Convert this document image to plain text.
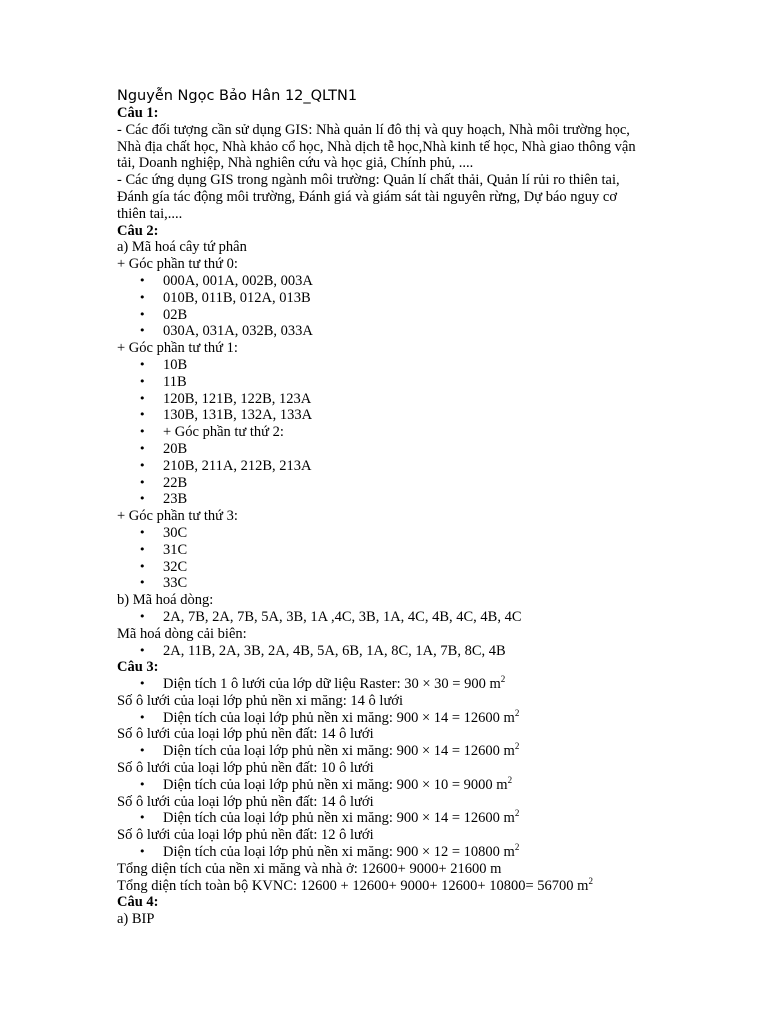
Nguyễn Ngọc Bảo Hân 12_QLTN1

Câu 1:

- Các đối tượng cần sử dụng GIS: Nhà quản lí đô thị và quy hoạch, Nhà môi trường học, Nhà địa chất học, Nhà khảo cổ học, Nhà dịch tễ học,Nhà kinh tế học, Nhà giao thông vận tải, Doanh nghiệp, Nhà nghiên cứu và học giả, Chính phủ, ....

- Các ứng dụng GIS trong ngành môi trường: Quản lí chất thải, Quản lí rủi ro thiên tai, Đánh gía tác động môi trường, Đánh giá và giám sát tài nguyên rừng, Dự báo nguy cơ thiên tai,....

Câu 2:

a) Mã hoá cây tứ phân

+ Góc phần tư thứ 0:

• 000A, 001A, 002B, 003A
• 010B, 011B, 012A, 013B
• 02B
• 030A, 031A, 032B, 033A

+ Góc phần tư thứ 1:

• 10B
• 11B
• 120B, 121B, 122B, 123A
• 130B, 131B, 132A, 133A
• + Góc phần tư thứ 2:
• 20B
• 210B, 211A, 212B, 213A
• 22B
• 23B

+ Góc phần tư thứ 3:

• 30C
• 31C
• 32C
• 33C

b) Mã hoá dòng:

• 2A, 7B, 2A, 7B, 5A, 3B, 1A ,4C, 3B, 1A, 4C, 4B, 4C, 4B, 4C

Mã hoá dòng cải biên:

• 2A, 11B, 2A, 3B, 2A, 4B, 5A, 6B, 1A, 8C, 1A, 7B, 8C, 4B

Câu 3:

• Diện tích 1 ô lưới của lớp dữ liệu Raster: 30 × 30 = 900 $m^2$

Số ô lưới của loại lớp phủ nền xi măng: 14 ô lưới

• Diện tích của loại lớp phủ nền xi măng: 900 × 14 = 12600 $m^2$

Số ô lưới của loại lớp phủ nền đất: 14 ô lưới

• Diện tích của loại lớp phủ nền xi măng: 900 × 14 = 12600 $m^2$

Số ô lưới của loại lớp phủ nền đất: 10 ô lưới

• Diện tích của loại lớp phủ nền xi măng: 900 × 10 = 9000 $m^2$

Số ô lưới của loại lớp phủ nền đất: 14 ô lưới

• Diện tích của loại lớp phủ nền xi măng: 900 × 14 = 12600 $m^2$

Số ô lưới của loại lớp phủ nền đất: 12 ô lưới

• Diện tích của loại lớp phủ nền xi măng: 900 × 12 = 10800 $m^2$

Tổng diện tích của nền xi măng và nhà ở: 12600+ 9000+ 21600 m

Tổng diện tích toàn bộ KVNC: 12600 + 12600+ 9000+ 12600+ 10800= 56700 $m^2$

Câu 4:

a) BIP
